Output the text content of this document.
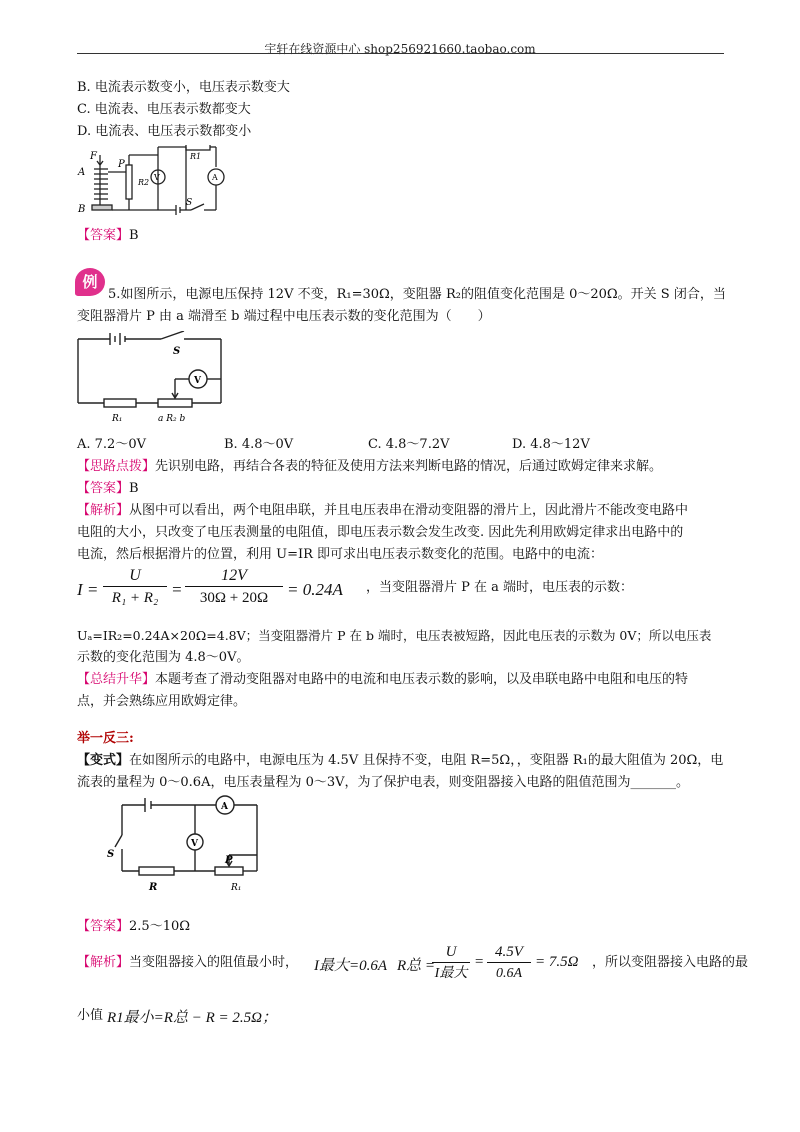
宇轩在线资源中心 shop256921660.taobao.com
B. 电流表示数变小，电压表示数变大
C. 电流表、电压表示数都变大
D. 电流表、电压表示数都变小
F
P
A
B
R2
V
R1
A
S
【答案】B
例
5.如图所示，电源电压保持 12V 不变，R₁=30Ω，变阻器 R₂的阻值变化范围是 0～20Ω。开关 S 闭合，当
变阻器滑片 P 由 a 端滑至 b 端过程中电压表示数的变化范围为（　　）
S
V
R₁	a R₂ b
A. 7.2～0V	B. 4.8～0V	C. 4.8～7.2V	D. 4.8～12V
【思路点拨】先识别电路，再结合各表的特征及使用方法来判断电路的情况，后通过欧姆定律来求解。
【答案】B
【解析】从图中可以看出，两个电阻串联，并且电压表串在滑动变阻器的滑片上，因此滑片不能改变电路中
电阻的大小，只改变了电压表测量的电阻值，即电压表示数会发生改变. 因此先利用欧姆定律求出电路中的
电流，然后根据滑片的位置，利用 U=IR 即可求出电压表示数变化的范围。电路中的电流：
I =
U
R₁ + R₂ =
12V
30Ω + 20Ω	= 0.24A ，当变阻器滑片 P 在 a 端时，电压表的示数：
Uₐ=IR₂=0.24A×20Ω=4.8V；当变阻器滑片 P 在 b 端时，电压表被短路，因此电压表的示数为 0V；所以电压表
示数的变化范围为 4.8～0V。
【总结升华】本题考查了滑动变阻器对电路中的电流和电压表示数的影响，以及串联电路中电阻和电压的特
点，并会熟练应用欧姆定律。
举一反三:
【变式】在如图所示的电路中，电源电压为 4.5V 且保持不变，电阻 R=5Ω，，变阻器 R₁的最大阻值为 20Ω，电
流表的量程为 0～0.6A，电压表量程为 0～3V，为了保护电表，则变阻器接入电路的阻值范围为_______。
A
V
S
R
P
R₁
【答案】2.5～10Ω
【解析】当变阻器接入的阻值最小时， I最大=0.6A R总 =
U
I最大
=
4.5V
0.6A
= 7.5Ω ，所以变阻器接入电路的最
小值 R1最小=R总 − R = 2.5Ω；
